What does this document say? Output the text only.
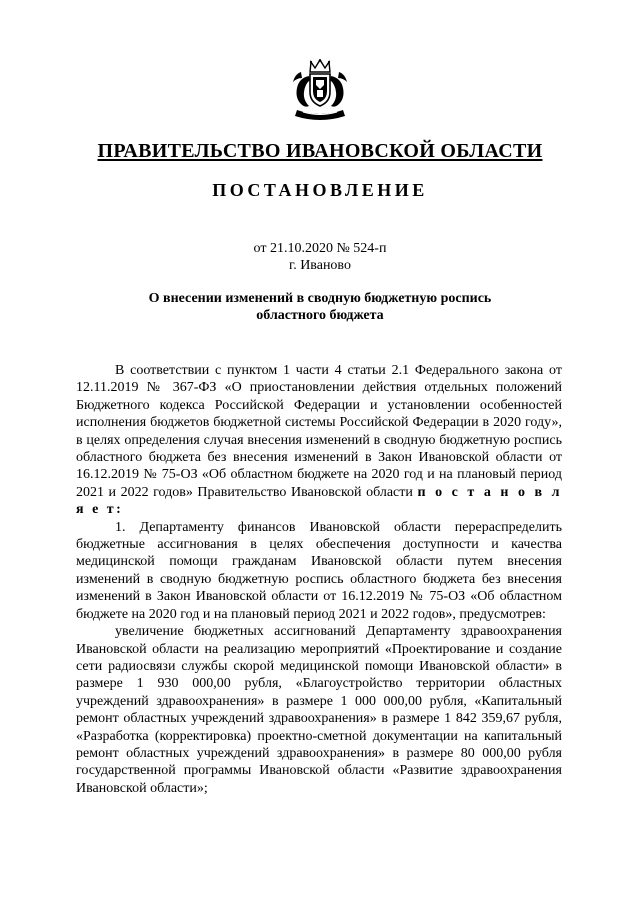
ПРАВИТЕЛЬСТВО ИВАНОВСКОЙ ОБЛАСТИ
ПОСТАНОВЛЕНИЕ
от 21.10.2020 № 524-п
г. Иваново
О внесении изменений в сводную бюджетную роспись
областного бюджета

В соответствии с пунктом 1 части 4 статьи 2.1 Федерального закона от 12.11.2019 № 367-ФЗ «О приостановлении действия отдельных положений Бюджетного кодекса Российской Федерации и установлении особенностей исполнения бюджетов бюджетной системы Российской Федерации в 2020 году», в целях определения случая внесения изменений в сводную бюджетную роспись областного бюджета без внесения изменений в Закон Ивановской области от 16.12.2019 № 75-ОЗ «Об областном бюджете на 2020 год и на плановый период 2021 и 2022 годов» Правительство Ивановской области п о с т а н о в л я е т:

1. Департаменту финансов Ивановской области перераспределить бюджетные ассигнования в целях обеспечения доступности и качества медицинской помощи гражданам Ивановской области путем внесения изменений в сводную бюджетную роспись областного бюджета без внесения изменений в Закон Ивановской области от 16.12.2019 № 75-ОЗ «Об областном бюджете на 2020 год и на плановый период 2021 и 2022 годов», предусмотрев:

увеличение бюджетных ассигнований Департаменту здравоохранения Ивановской области на реализацию мероприятий «Проектирование и создание сети радиосвязи службы скорой медицинской помощи Ивановской области» в размере 1 930 000,00 рубля, «Благоустройство территории областных учреждений здравоохранения» в размере 1 000 000,00 рубля, «Капитальный ремонт областных учреждений здравоохранения» в размере 1 842 359,67 рубля, «Разработка (корректировка) проектно-сметной документации на капитальный ремонт областных учреждений здравоохранения» в размере 80 000,00 рубля государственной программы Ивановской области «Развитие здравоохранения Ивановской области»;
